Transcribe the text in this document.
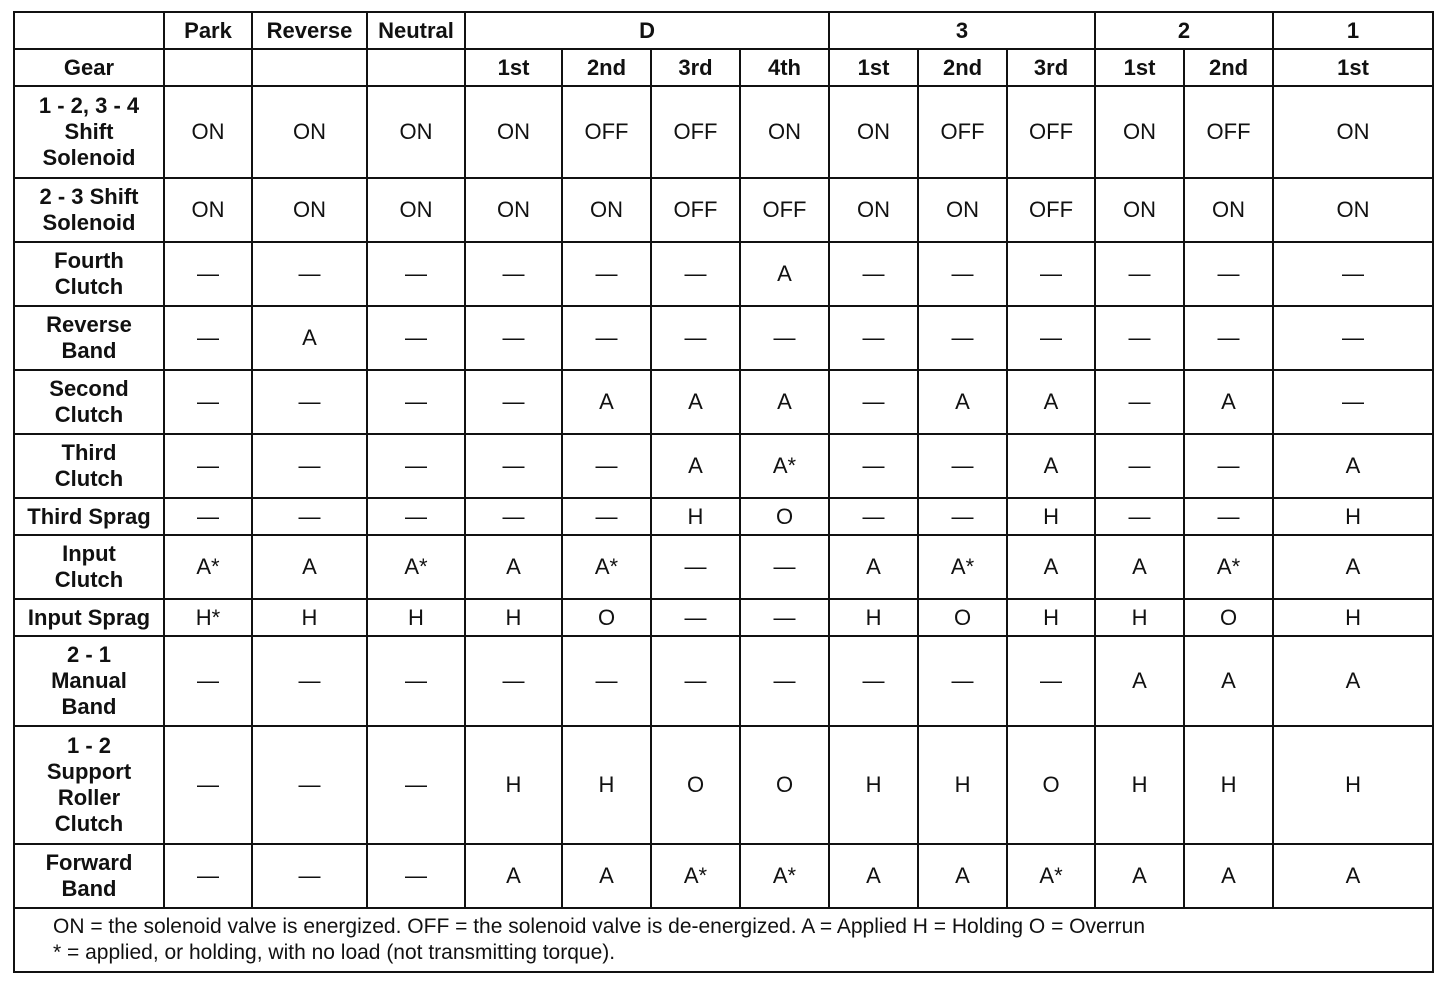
	Park	Reverse	Neutral	D				3			2		1
Gear				1st	2nd	3rd	4th	1st	2nd	3rd	1st	2nd	1st
1 - 2, 3 - 4
Shift
Solenoid	ON	ON	ON	ON	OFF	OFF	ON	ON	OFF	OFF	ON	OFF	ON
2 - 3 Shift
Solenoid	ON	ON	ON	ON	ON	OFF	OFF	ON	ON	OFF	ON	ON	ON
Fourth
Clutch	—	—	—	—	—	—	A	—	—	—	—	—	—
Reverse
Band	—	A	—	—	—	—	—	—	—	—	—	—	—
Second
Clutch	—	—	—	—	A	A	A	—	A	A	—	A	—
Third
Clutch	—	—	—	—	—	A	A*	—	—	A	—	—	A
Third Sprag	—	—	—	—	—	H	O	—	—	H	—	—	H
Input
Clutch	A*	A	A*	A	A*	—	—	A	A*	A	A	A*	A
Input Sprag	H*	H	H	H	O	—	—	H	O	H	H	O	H
2 - 1
Manual
Band	—	—	—	—	—	—	—	—	—	—	A	A	A
1 - 2
Support
Roller
Clutch	—	—	—	H	H	O	O	H	H	O	H	H	H
Forward
Band	—	—	—	A	A	A*	A*	A	A	A*	A	A	A

ON = the solenoid valve is energized. OFF = the solenoid valve is de-energized. A = Applied H = Holding O = Overrun
* = applied, or holding, with no load (not transmitting torque).													
